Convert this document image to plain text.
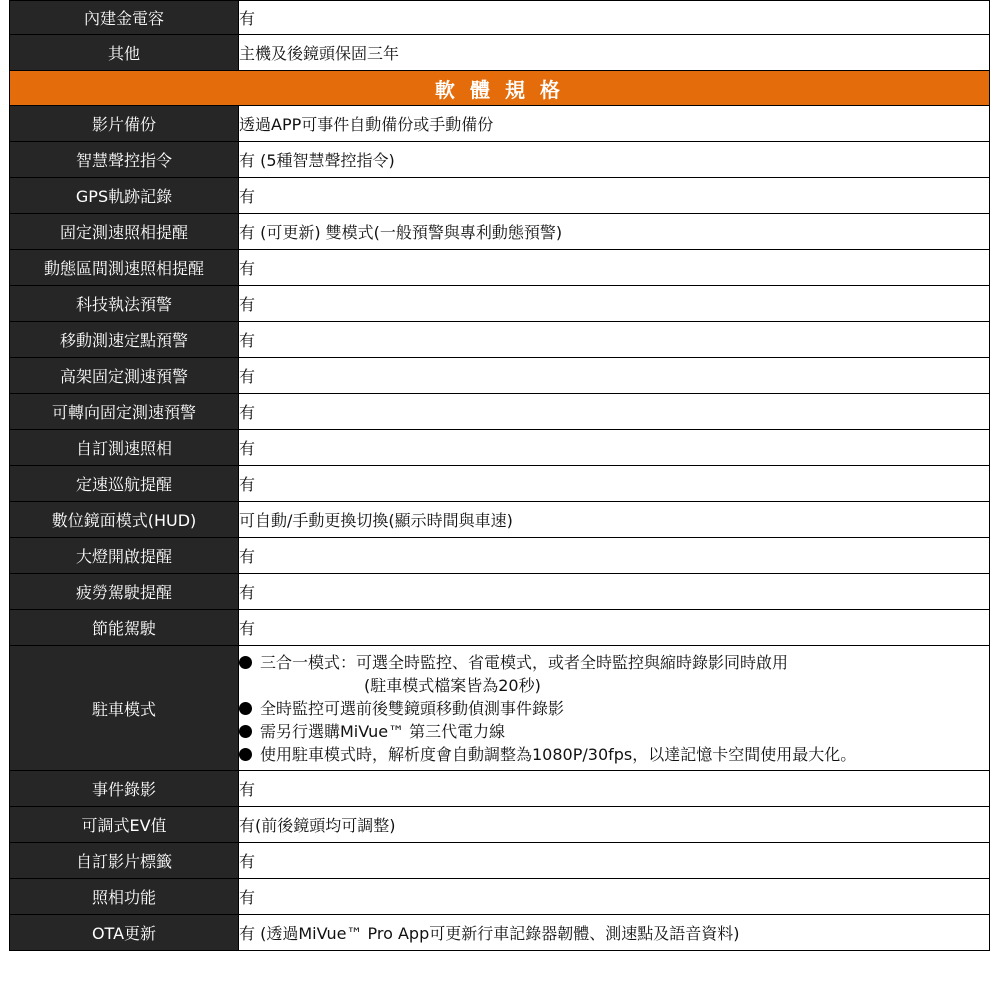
內建金電容	有
其他	主機及後鏡頭保固三年
軟 體 規 格	
影片備份	透過APP可事件自動備份或手動備份
智慧聲控指令	有 (5種智慧聲控指令)
GPS軌跡記錄	有
固定測速照相提醒	有 (可更新) 雙模式(一般預警與專利動態預警)
動態區間測速照相提醒	有
科技執法預警	有
移動測速定點預警	有
高架固定測速預警	有
可轉向固定測速預警	有
自訂測速照相	有
定速巡航提醒	有
數位鏡面模式(HUD)	可自動/手動更換切換(顯示時間與車速)
大燈開啟提醒	有
疲勞駕駛提醒	有
節能駕駛	有
駐車模式	三合一模式：可選全時監控、省電模式，或者全時監控與縮時錄影同時啟用
(駐車模式檔案皆為20秒)
全時監控可選前後雙鏡頭移動偵測事件錄影
需另行選購MiVue™ 第三代電力線
使用駐車模式時，解析度會自動調整為1080P/30fps，以達記憶卡空間使用最大化。

事件錄影	有
可調式EV值	有(前後鏡頭均可調整)
自訂影片標籤	有
照相功能	有
OTA更新	有 (透過MiVue™ Pro App可更新行車記錄器韌體、測速點及語音資料)
